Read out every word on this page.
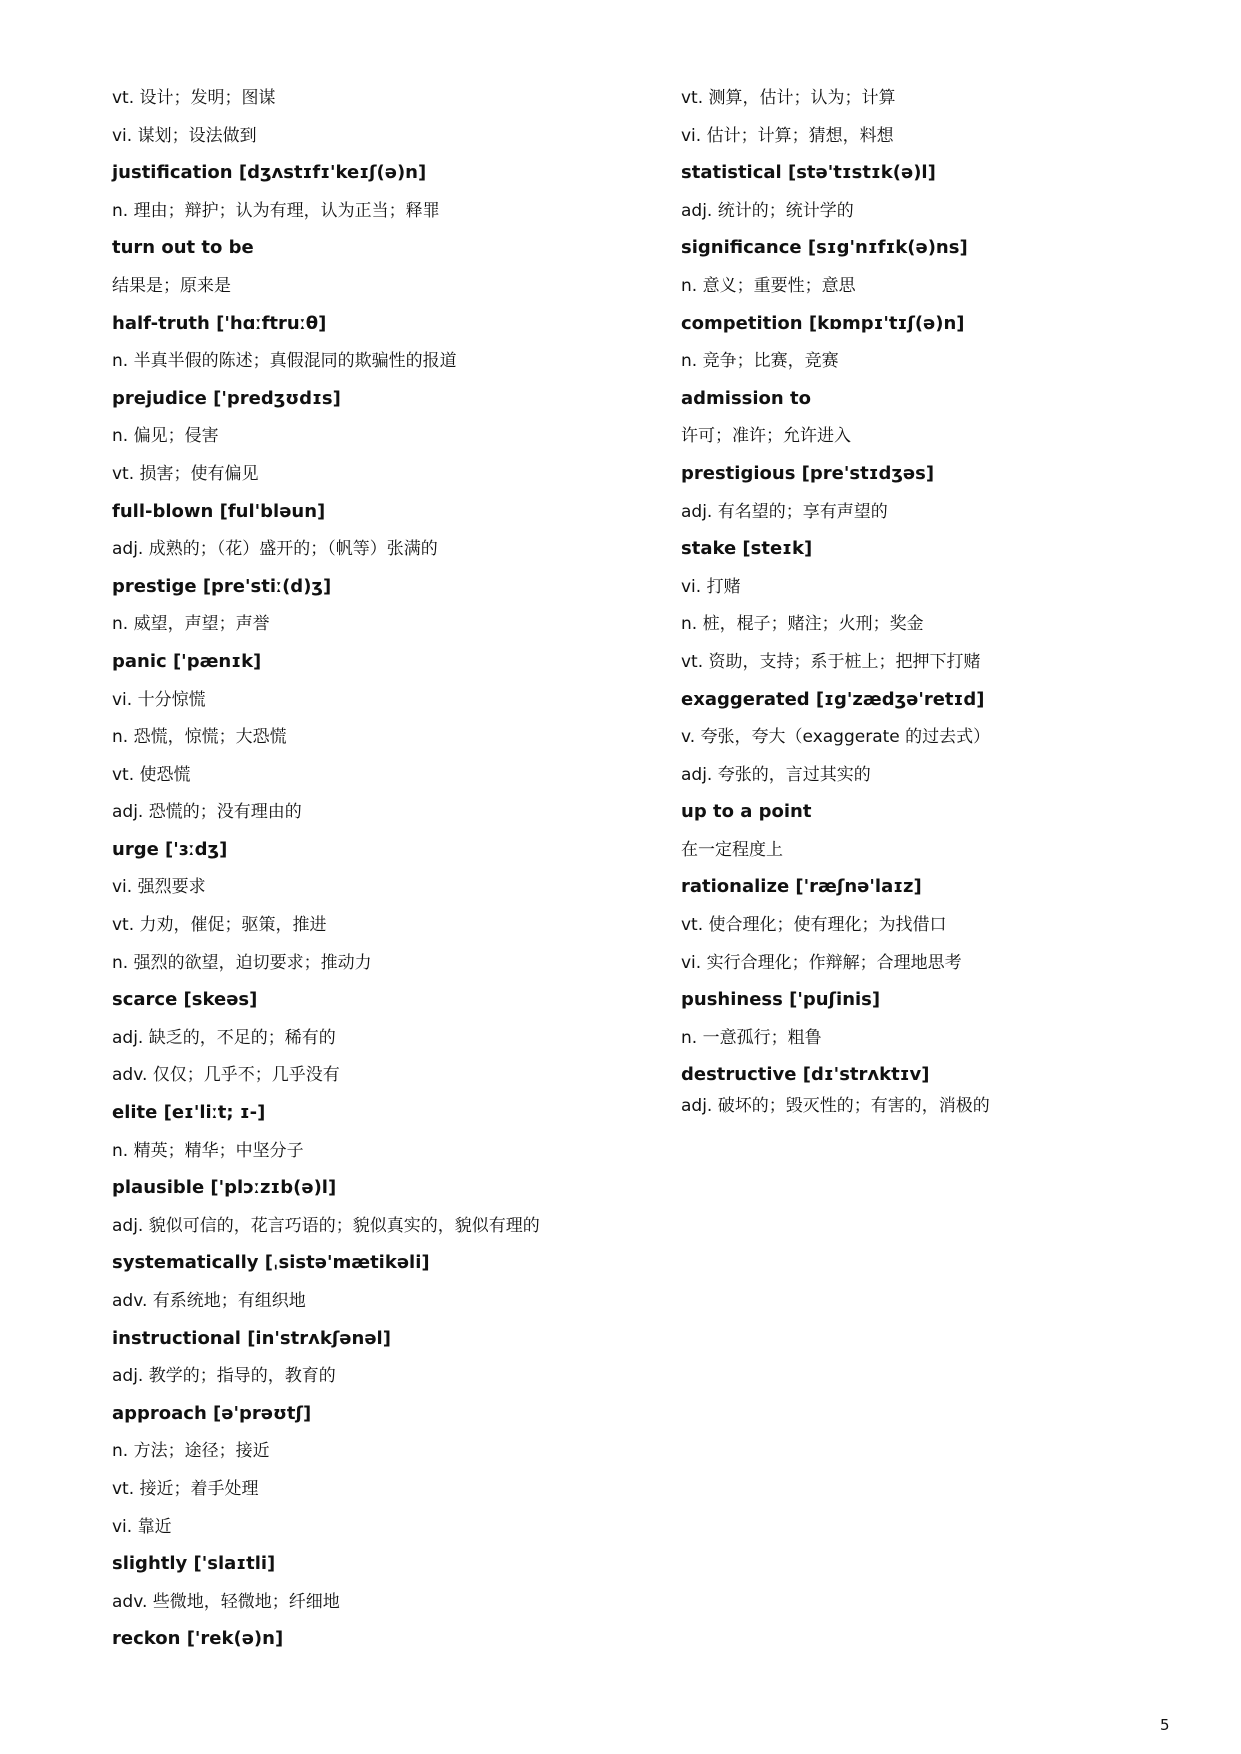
vt. 设计；发明；图谋
vi. 谋划；设法做到
justification [dʒʌstɪfɪ'keɪʃ(ə)n]
n. 理由；辩护；认为有理，认为正当；释罪
turn out to be
结果是；原来是
half-truth ['hɑːftruːθ]
n. 半真半假的陈述；真假混同的欺骗性的报道
prejudice ['predʒʊdɪs]
n. 偏见；侵害
vt. 损害；使有偏见
full-blown [ful'bləun]
adj. 成熟的；（花）盛开的；（帆等）张满的
prestige [pre'stiː(d)ʒ]
n. 威望，声望；声誉
panic ['pænɪk]
vi. 十分惊慌
n. 恐慌，惊慌；大恐慌
vt. 使恐慌
adj. 恐慌的；没有理由的
urge ['ɜːdʒ]
vi. 强烈要求
vt. 力劝，催促；驱策，推进
n. 强烈的欲望，迫切要求；推动力
scarce [skeəs]
adj. 缺乏的，不足的；稀有的
adv. 仅仅；几乎不；几乎没有
elite [eɪ'liːt; ɪ-]
n. 精英；精华；中坚分子
plausible ['plɔːzɪb(ə)l]
adj. 貌似可信的，花言巧语的；貌似真实的，貌似有理的
systematically [ˌsistə'mætikəli]
adv. 有系统地；有组织地
instructional [in'strʌkʃənəl]
adj. 教学的；指导的，教育的
approach [ə'prəʊtʃ]
n. 方法；途径；接近
vt. 接近；着手处理
vi. 靠近
slightly ['slaɪtli]
adv. 些微地，轻微地；纤细地
reckon ['rek(ə)n]
vt. 测算，估计；认为；计算
vi. 估计；计算；猜想，料想
statistical [stə'tɪstɪk(ə)l]
adj. 统计的；统计学的
significance [sɪg'nɪfɪk(ə)ns]
n. 意义；重要性；意思
competition [kɒmpɪ'tɪʃ(ə)n]
n. 竞争；比赛，竞赛
admission to
许可；准许；允许进入
prestigious [pre'stɪdʒəs]
adj. 有名望的；享有声望的
stake [steɪk]
vi. 打赌
n. 桩，棍子；赌注；火刑；奖金
vt. 资助，支持；系于桩上；把押下打赌
exaggerated [ɪg'zædʒə'retɪd]
v. 夸张，夸大（exaggerate 的过去式）
adj. 夸张的，言过其实的
up to a point
在一定程度上
rationalize ['ræʃnə'laɪz]
vt. 使合理化；使有理化；为找借口
vi. 实行合理化；作辩解；合理地思考
pushiness ['puʃinis]
n. 一意孤行；粗鲁
destructive [dɪ'strʌktɪv]
adj. 破坏的；毁灭性的；有害的，消极的
5
